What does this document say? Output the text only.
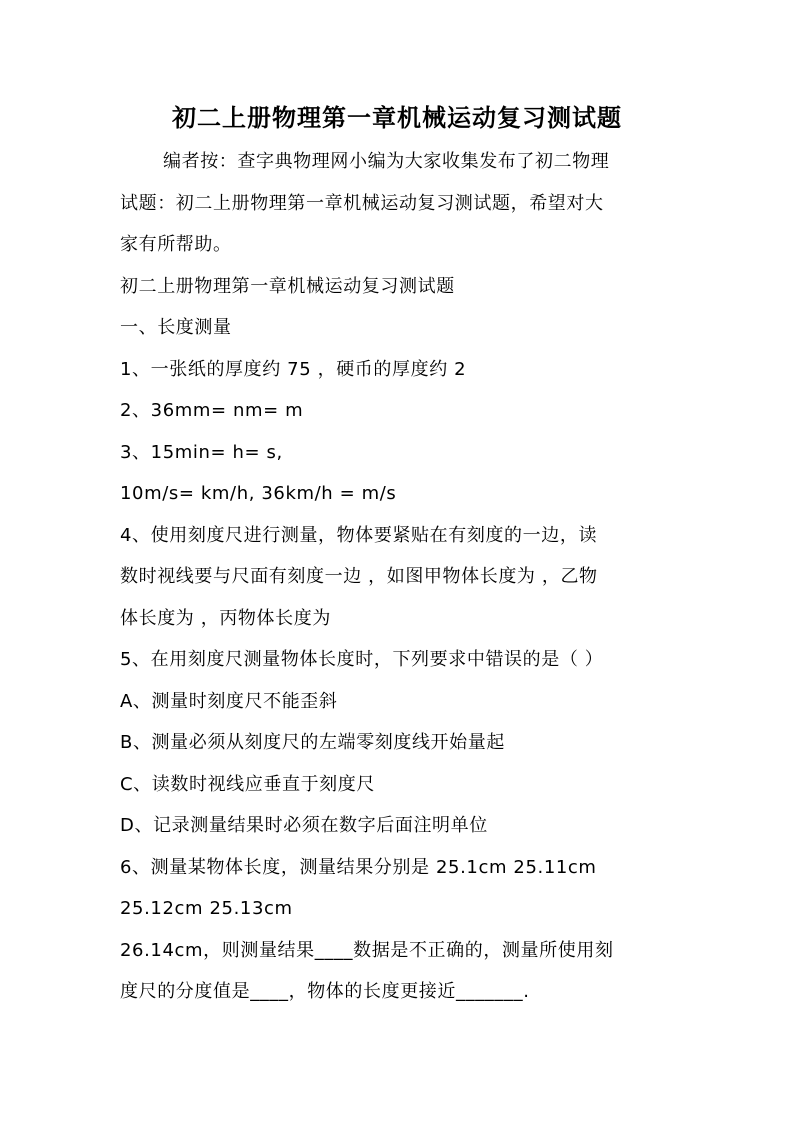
初二上册物理第一章机械运动复习测试题

编者按：查字典物理网小编为大家收集发布了初二物理

试题：初二上册物理第一章机械运动复习测试题，希望对大

家有所帮助。

初二上册物理第一章机械运动复习测试题

一、长度测量

1、一张纸的厚度约 75 ，硬币的厚度约 2

2、36mm= nm= m

3、15min= h= s,

10m/s= km/h, 36km/h = m/s

4、使用刻度尺进行测量，物体要紧贴在有刻度的一边，读

数时视线要与尺面有刻度一边 ，如图甲物体长度为 ，乙物

体长度为 ，丙物体长度为

5、在用刻度尺测量物体长度时，下列要求中错误的是（ ）

A、测量时刻度尺不能歪斜

B、测量必须从刻度尺的左端零刻度线开始量起

C、读数时视线应垂直于刻度尺

D、记录测量结果时必须在数字后面注明单位

6、测量某物体长度，测量结果分别是 25.1cm 25.11cm

25.12cm 25.13cm

26.14cm，则测量结果____数据是不正确的，测量所使用刻

度尺的分度值是____，物体的长度更接近_______.
